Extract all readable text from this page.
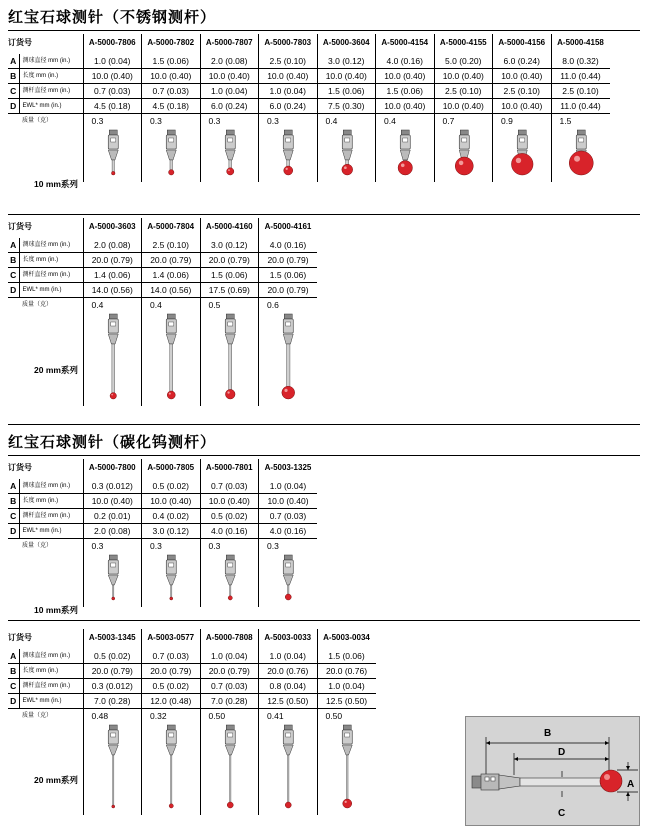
红宝石球测针（不锈钢测杆）
订货号		A-5000-7806	A-5000-7802	A-5000-7807	A-5000-7803	A-5000-3604	A-5000-4154	A-5000-4155	A-5000-4156	A-5000-4158
A	测球直径 mm (in.)	1.0 (0.04)	1.5 (0.06)	2.0 (0.08)	2.5 (0.10)	3.0 (0.12)	4.0 (0.16)	5.0 (0.20)	6.0 (0.24)	8.0 (0.32)
B	长度 mm (in.)	10.0 (0.40)	10.0 (0.40)	10.0 (0.40)	10.0 (0.40)	10.0 (0.40)	10.0 (0.40)	10.0 (0.40)	10.0 (0.40)	11.0 (0.44)
C	测杆直径 mm (in.)	0.7 (0.03)	0.7 (0.03)	1.0 (0.04)	1.0 (0.04)	1.5 (0.06)	1.5 (0.06)	2.5 (0.10)	2.5 (0.10)	2.5 (0.10)
D	EWL* mm (in.)	4.5 (0.18)	4.5 (0.18)	6.0 (0.24)	6.0 (0.24)	7.5 (0.30)	10.0 (0.40)	10.0 (0.40)	10.0 (0.40)	11.0 (0.44)
	质量（克）	0.3	0.3	0.3	0.3	0.4	0.4	0.7	0.9	1.5

10 mm系列
订货号		A-5000-3603	A-5000-7804	A-5000-4160	A-5000-4161
A	测球直径 mm (in.)	2.0 (0.08)	2.5 (0.10)	3.0 (0.12)	4.0 (0.16)
B	长度 mm (in.)	20.0 (0.79)	20.0 (0.79)	20.0 (0.79)	20.0 (0.79)
C	测杆直径 mm (in.)	1.4 (0.06)	1.4 (0.06)	1.5 (0.06)	1.5 (0.06)
D	EWL* mm (in.)	14.0 (0.56)	14.0 (0.56)	17.5 (0.69)	20.0 (0.79)
	质量（克）	0.4	0.4	0.5	0.6

20 mm系列
红宝石球测针（碳化钨测杆）
订货号		A-5000-7800	A-5000-7805	A-5000-7801	A-5003-1325
A	测球直径 mm (in.)	0.3 (0.012)	0.5 (0.02)	0.7 (0.03)	1.0 (0.04)
B	长度 mm (in.)	10.0 (0.40)	10.0 (0.40)	10.0 (0.40)	10.0 (0.40)
C	测杆直径 mm (in.)	0.2 (0.01)	0.4 (0.02)	0.5 (0.02)	0.7 (0.03)
D	EWL* mm (in.)	2.0 (0.08)	3.0 (0.12)	4.0 (0.16)	4.0 (0.16)
	质量（克）	0.3	0.3	0.3	0.3

10 mm系列
订货号		A-5003-1345	A-5003-0577	A-5000-7808	A-5003-0033	A-5003-0034
A	测球直径 mm (in.)	0.5 (0.02)	0.7 (0.03)	1.0 (0.04)	1.0 (0.04)	1.5 (0.06)
B	长度 mm (in.)	20.0 (0.79)	20.0 (0.79)	20.0 (0.79)	20.0 (0.76)	20.0 (0.76)
C	测杆直径 mm (in.)	0.3 (0.012)	0.5 (0.02)	0.7 (0.03)	0.8 (0.04)	1.0 (0.04)
D	EWL* mm (in.)	7.0 (0.28)	12.0 (0.48)	7.0 (0.28)	12.5 (0.50)	12.5 (0.50)
	质量（克）	0.48	0.32	0.50	0.41	0.50

20 mm系列
B
D
A
C
